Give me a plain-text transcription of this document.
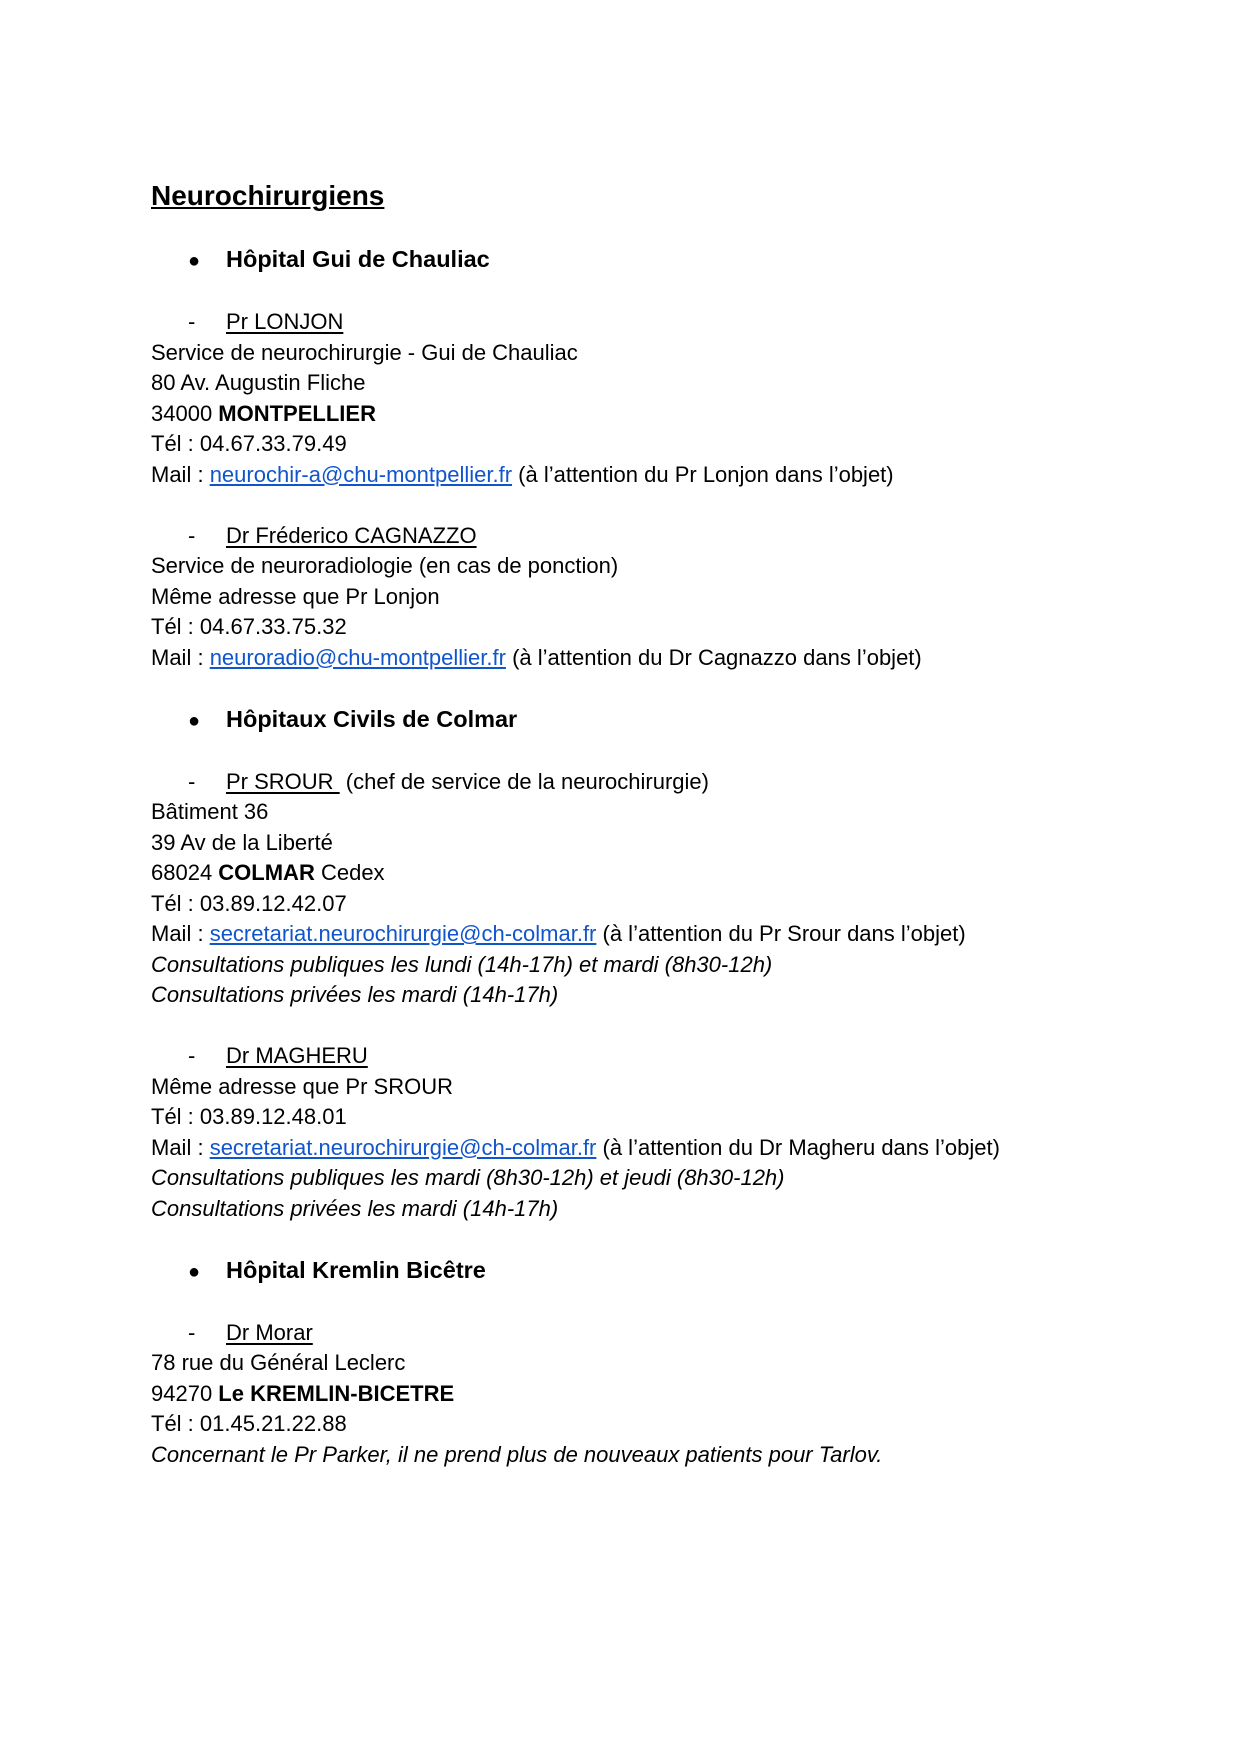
Neurochirurgiens
●	Hôpital Gui de Chauliac
-	Pr LONJON
Service de neurochirurgie - Gui de Chauliac
80 Av. Augustin Fliche
34000 MONTPELLIER
Tél : 04.67.33.79.49
Mail : neurochir-a@chu-montpellier.fr (à l’attention du Pr Lonjon dans l’objet)
-	Dr Fréderico CAGNAZZO
Service de neuroradiologie (en cas de ponction)
Même adresse que Pr Lonjon
Tél : 04.67.33.75.32
Mail : neuroradio@chu-montpellier.fr (à l’attention du Dr Cagnazzo dans l’objet)
●	Hôpitaux Civils de Colmar
-	Pr SROUR (chef de service de la neurochirurgie)
Bâtiment 36
39 Av de la Liberté
68024 COLMAR Cedex
Tél : 03.89.12.42.07
Mail : secretariat.neurochirurgie@ch-colmar.fr (à l’attention du Pr Srour dans l’objet)
Consultations publiques les lundi (14h-17h) et mardi (8h30-12h)
Consultations privées les mardi (14h-17h)
-	Dr MAGHERU
Même adresse que Pr SROUR
Tél : 03.89.12.48.01
Mail : secretariat.neurochirurgie@ch-colmar.fr (à l’attention du Dr Magheru dans l’objet)
Consultations publiques les mardi (8h30-12h) et jeudi (8h30-12h)
Consultations privées les mardi (14h-17h)
●	Hôpital Kremlin Bicêtre
-	Dr Morar
78 rue du Général Leclerc
94270 Le KREMLIN-BICETRE
Tél : 01.45.21.22.88
Concernant le Pr Parker, il ne prend plus de nouveaux patients pour Tarlov.
